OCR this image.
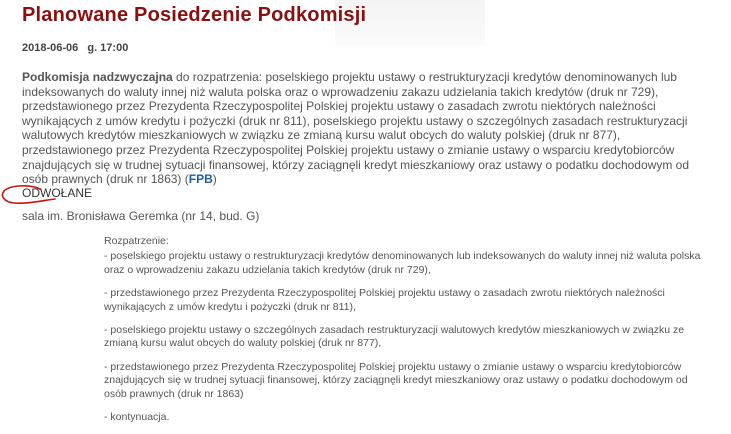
Planowane Posiedzenie Podkomisji
2018-06-06 g. 17:00
Podkomisja nadzwyczajna do rozpatrzenia: poselskiego projektu ustawy o restrukturyzacji kredytów denominowanych lub indeksowanych do waluty innej niż waluta polska oraz o wprowadzeniu zakazu udzielania takich kredytów (druk nr 729), przedstawionego przez Prezydenta Rzeczypospolitej Polskiej projektu ustawy o zasadach zwrotu niektórych należności wynikających z umów kredytu i pożyczki (druk nr 811), poselskiego projektu ustawy o szczególnych zasadach restrukturyzacji walutowych kredytów mieszkaniowych w związku ze zmianą kursu walut obcych do waluty polskiej (druk nr 877), przedstawionego przez Prezydenta Rzeczypospolitej Polskiej projektu ustawy o zmianie ustawy o wsparciu kredytobiorców znajdujących się w trudnej sytuacji finansowej, którzy zaciągnęli kredyt mieszkaniowy oraz ustawy o podatku dochodowym od osób prawnych (druk nr 1863) (FPB)
ODWOŁANE
sala im. Bronisława Geremka (nr 14, bud. G)

Rozpatrzenie:

- poselskiego projektu ustawy o restrukturyzacji kredytów denominowanych lub indeksowanych do waluty innej niż waluta polska oraz o wprowadzeniu zakazu udzielania takich kredytów (druk nr 729),

- przedstawionego przez Prezydenta Rzeczypospolitej Polskiej projektu ustawy o zasadach zwrotu niektórych należności wynikających z umów kredytu i pożyczki (druk nr 811),

- poselskiego projektu ustawy o szczególnych zasadach restrukturyzacji walutowych kredytów mieszkaniowych w związku ze zmianą kursu walut obcych do waluty polskiej (druk nr 877),

- przedstawionego przez Prezydenta Rzeczypospolitej Polskiej projektu ustawy o zmianie ustawy o wsparciu kredytobiorców znajdujących się w trudnej sytuacji finansowej, którzy zaciągnęli kredyt mieszkaniowy oraz ustawy o podatku dochodowym od osób prawnych (druk nr 1863)

- kontynuacja.
